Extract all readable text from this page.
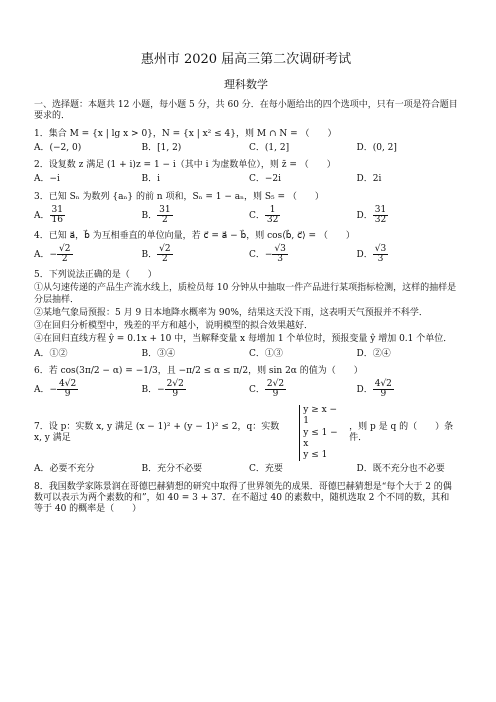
惠州市 2020 届高三第二次调研考试
理科数学
一、选择题：本题共 12 小题，每小题 5 分，共 60 分．在每小题给出的四个选项中，只有一项是符合题目要求的．
1．集合 M = {x | lg x > 0}，N = {x | x² ≤ 4}，则 M ∩ N = （　　）
A．(−2, 0)	B．[1, 2)	C．(1, 2]	D．(0, 2]
2．设复数 z 满足 (1 + i)z = 1 − i（其中 i 为虚数单位），则 z̄ = （　　）
A．−i	B．i	C．−2i	D．2i
3．已知 Sₙ 为数列 {aₙ} 的前 n 项和，Sₙ = 1 − aₙ，则 S₅ = （　　）
A． $\frac{31}{16}$	B． $\frac{31}{2}$	C． $\frac{1}{32}$	D． $\frac{31}{32}$
4．已知 a⃗，b⃗ 为互相垂直的单位向量，若 c⃗ = a⃗ − b⃗，则 cos⟨b⃗, c⃗⟩ = （　　）
A．− $\frac{√2}{2}$	B． $\frac{√2}{2}$	C．− $\frac{√3}{3}$	D． $\frac{√3}{3}$
5．下列说法正确的是（　　）
①从匀速传递的产品生产流水线上，质检员每 10 分钟从中抽取一件产品进行某项指标检测，这样的抽样是分层抽样．
②某地气象局预报：5 月 9 日本地降水概率为 90%，结果这天没下雨，这表明天气预报并不科学．
③在回归分析模型中，残差的平方和越小，说明模型的拟合效果越好．
④在回归直线方程 ŷ = 0.1x + 10 中，当解释变量 x 每增加 1 个单位时，预报变量 ŷ 增加 0.1 个单位．
A．①②	B．③④	C．①③	D．②④
6．若 cos(3π/2 − α) = −1/3，且 −π/2 ≤ α ≤ π/2，则 sin 2α 的值为（　　）
A．− $\frac{4√2}{9}$	B．− $\frac{2√2}{9}$	C． $\frac{2√2}{9}$	D． $\frac{4√2}{9}$
7．设 p：实数 x, y 满足 (x − 1)² + (y − 1)² ≤ 2，q：实数 x, y 满足
y ≥ x − 1
y ≤ 1 − x
y ≤ 1
，则 p 是 q 的（　　）条件．
A．必要不充分	B．充分不必要	C．充要	D．既不充分也不必要
8．我国数学家陈景润在哥德巴赫猜想的研究中取得了世界领先的成果．哥德巴赫猜想是“每个大于 2 的偶数可以表示为两个素数的和”，如 40 = 3 + 37．在不超过 40 的素数中，随机选取 2 个不同的数，其和等于 40 的概率是（　　）
